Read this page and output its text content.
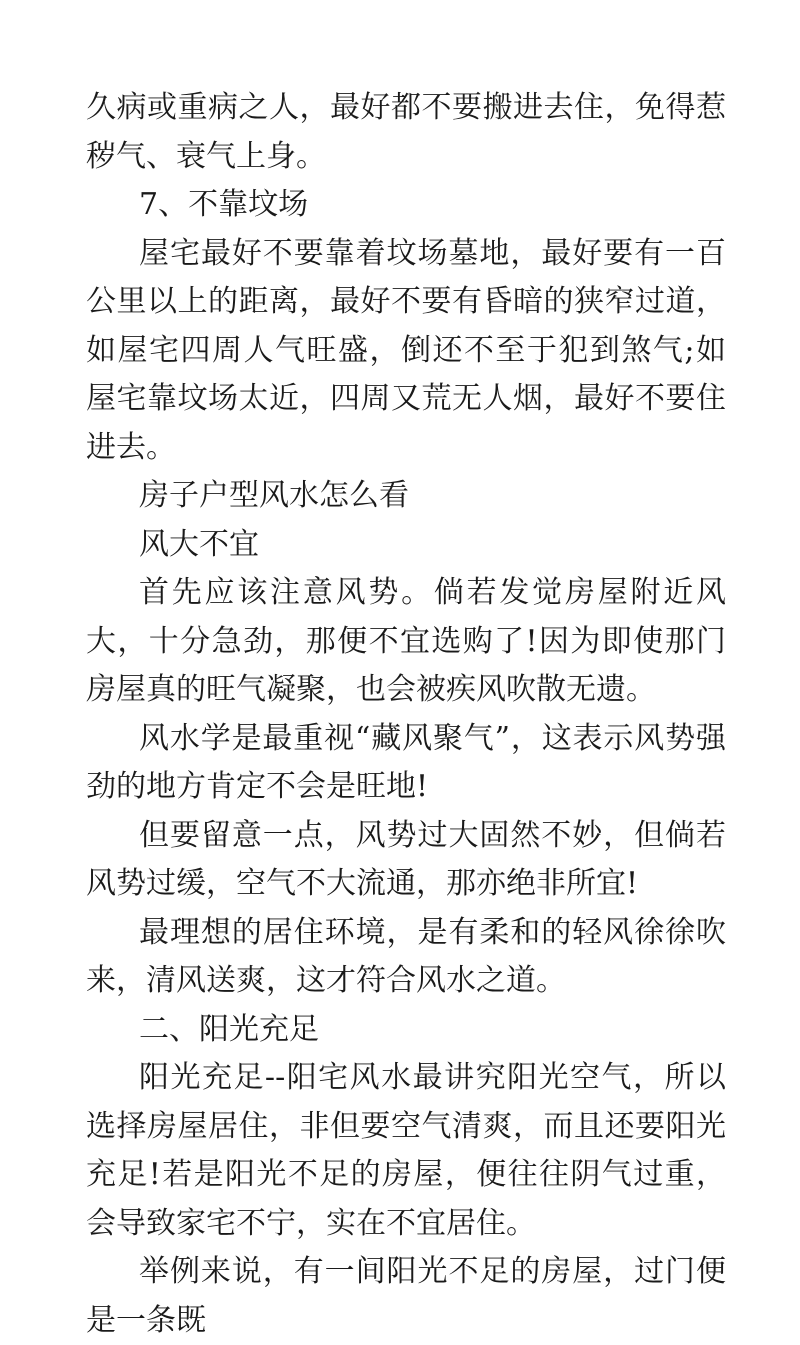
久病或重病之人，最好都不要搬进去住，免得惹秽气、衰气上身。

7、不靠坟场

屋宅最好不要靠着坟场墓地，最好要有一百公里以上的距离，最好不要有昏暗的狭窄过道，如屋宅四周人气旺盛，倒还不至于犯到煞气;如屋宅靠坟场太近，四周又荒无人烟，最好不要住进去。

房子户型风水怎么看

风大不宜

首先应该注意风势。倘若发觉房屋附近风大，十分急劲，那便不宜选购了!因为即使那门房屋真的旺气凝聚，也会被疾风吹散无遗。

风水学是最重视“藏风聚气”，这表示风势强劲的地方肯定不会是旺地!

但要留意一点，风势过大固然不妙，但倘若风势过缓，空气不大流通，那亦绝非所宜!

最理想的居住环境，是有柔和的轻风徐徐吹来，清风送爽，这才符合风水之道。

二、阳光充足

阳光充足--阳宅风水最讲究阳光空气，所以选择房屋居住，非但要空气清爽，而且还要阳光充足!若是阳光不足的房屋，便往往阴气过重，会导致家宅不宁，实在不宜居住。

举例来说，有一间阳光不足的房屋，过门便是一条既
